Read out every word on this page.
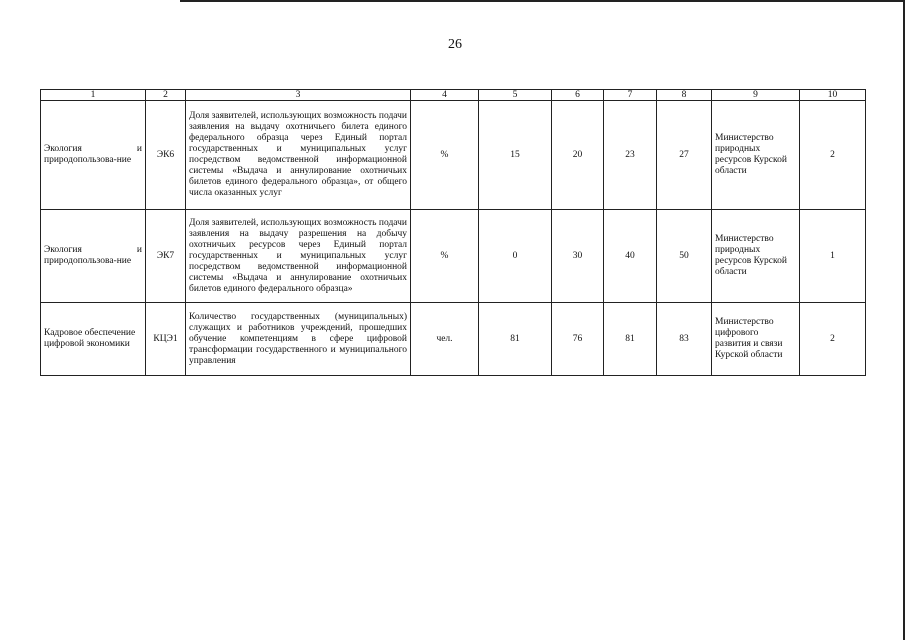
26
1	2	3	4	5	6	7	8	9	10
Экология и природопользова-ние	ЭК6	Доля заявителей, использующих возможность подачи заявления на выдачу охотничьего билета единого федерального образца через Единый портал государственных и муниципальных услуг посредством ведомственной информационной системы «Выдача и аннулирование охотничьих билетов единого федерального образца», от общего числа оказанных услуг	%	15	20	23	27	Министерство природных ресурсов Курской области	2
Экология и природопользова-ние	ЭК7	Доля заявителей, использующих возможность подачи заявления на выдачу разрешения на добычу охотничьих ресурсов через Единый портал государственных и муниципальных услуг посредством ведомственной информационной системы «Выдача и аннулирование охотничьих билетов единого федерального образца»	%	0	30	40	50	Министерство природных ресурсов Курской области	1
Кадровое обеспечение цифровой экономики	КЦЭ1	Количество государственных (муниципальных) служащих и работников учреждений, прошедших обучение компетенциям в сфере цифровой трансформации государственного и муниципального управления	чел.	81	76	81	83	Министерство цифрового развития и связи Курской области	2
